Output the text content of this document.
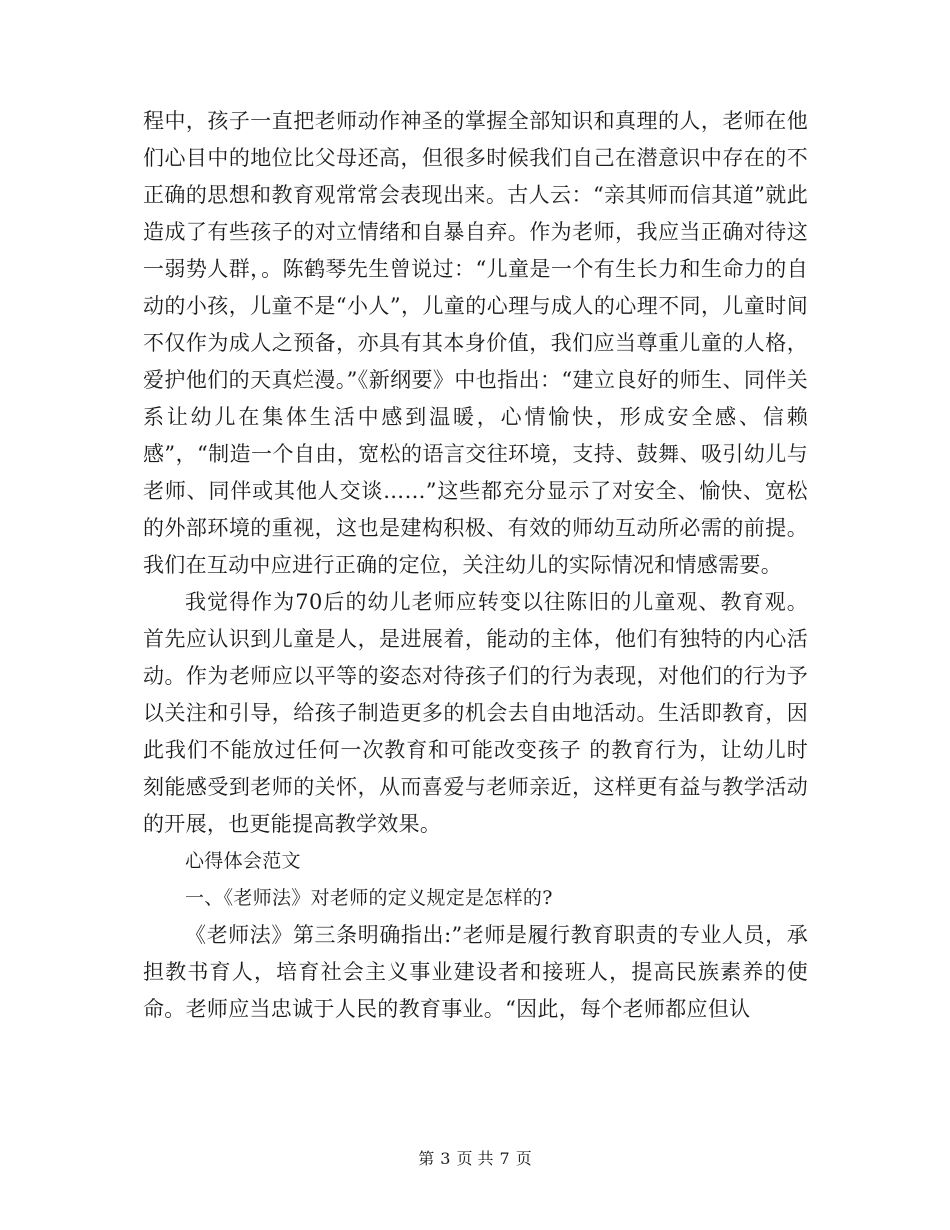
程中，孩子一直把老师动作神圣的掌握全部知识和真理的人，老师在他们心目中的地位比父母还高，但很多时候我们自己在潜意识中存在的不正确的思想和教育观常常会表现出来。古人云：“亲其师而信其道”就此造成了有些孩子的对立情绪和自暴自弃。作为老师，我应当正确对待这一弱势人群，。陈鹤琴先生曾说过：“儿童是一个有生长力和生命力的自动的小孩，儿童不是“小人”，儿童的心理与成人的心理不同，儿童时间不仅作为成人之预备，亦具有其本身价值，我们应当尊重儿童的人格，爱护他们的天真烂漫。”《新纲要》中也指出：“建立良好的师生、同伴关系让幼儿在集体生活中感到温暖，心情愉快，形成安全感、信赖感”，“制造一个自由，宽松的语言交往环境，支持、鼓舞、吸引幼儿与老师、同伴或其他人交谈……”这些都充分显示了对安全、愉快、宽松的外部环境的重视，这也是建构积极、有效的师幼互动所必需的前提。我们在互动中应进行正确的定位，关注幼儿的实际情况和情感需要。

我觉得作为70后的幼儿老师应转变以往陈旧的儿童观、教育观。首先应认识到儿童是人，是进展着，能动的主体，他们有独特的内心活动。作为老师应以平等的姿态对待孩子们的行为表现，对他们的行为予以关注和引导，给孩子制造更多的机会去自由地活动。生活即教育，因此我们不能放过任何一次教育和可能改变孩子 的教育行为，让幼儿时刻能感受到老师的关怀，从而喜爱与老师亲近，这样更有益与教学活动的开展，也更能提高教学效果。

心得体会范文

一、《老师法》对老师的定义规定是怎样的?

《老师法》第三条明确指出:”老师是履行教育职责的专业人员，承担教书育人，培育社会主义事业建设者和接班人，提高民族素养的使命。老师应当忠诚于人民的教育事业。“因此，每个老师都应但认

第 3 页 共 7 页
